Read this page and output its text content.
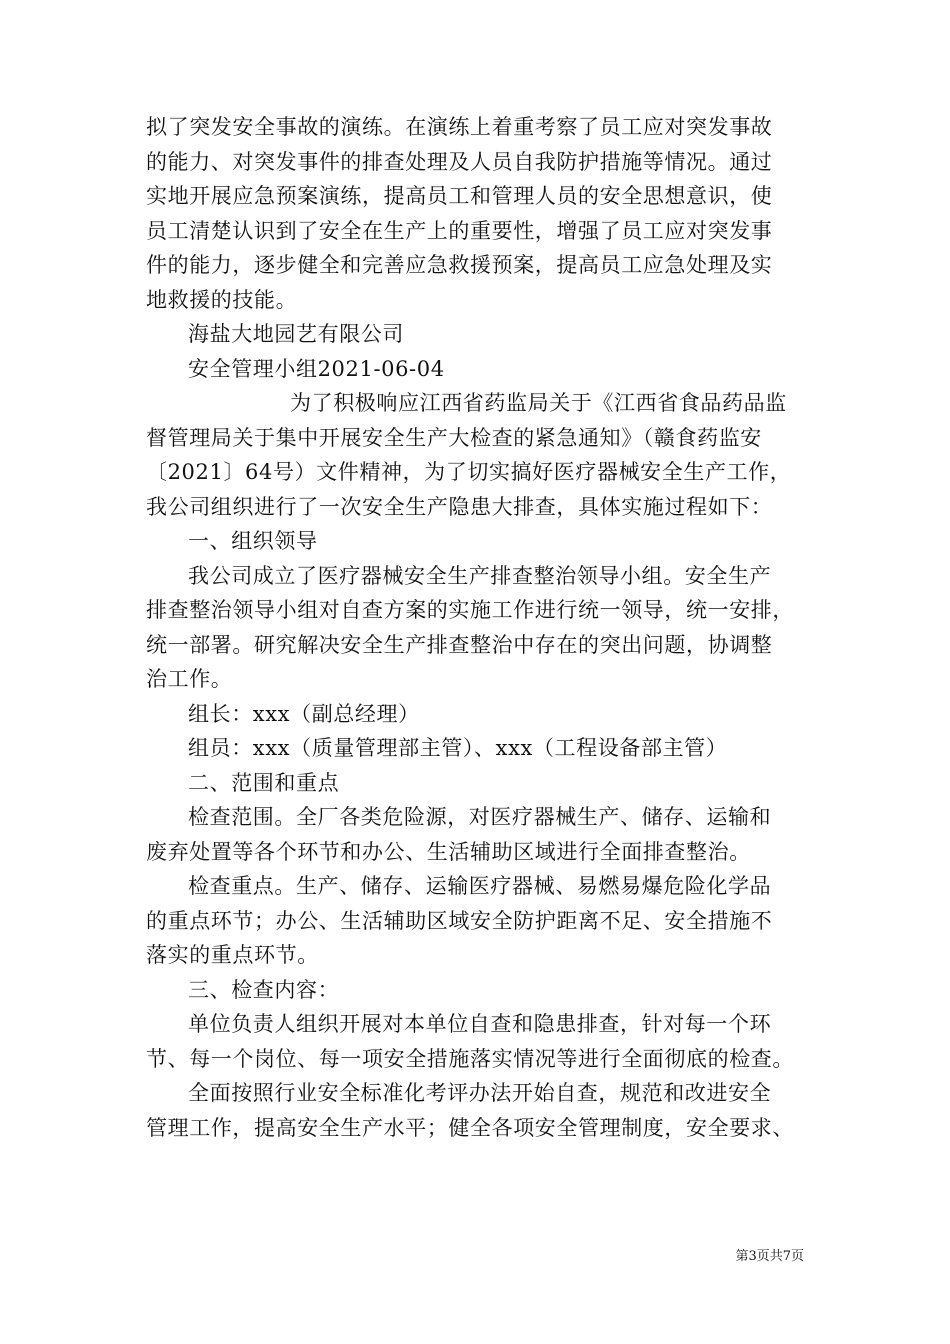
拟了突发安全事故的演练。在演练上着重考察了员工应对突发事故
的能力、对突发事件的排查处理及人员自我防护措施等情况。通过
实地开展应急预案演练，提高员工和管理人员的安全思想意识，使
员工清楚认识到了安全在生产上的重要性，增强了员工应对突发事
件的能力，逐步健全和完善应急救援预案，提高员工应急处理及实
地救援的技能。
海盐大地园艺有限公司
安全管理小组2021-06-04
为了积极响应江西省药监局关于《江西省食品药品监
督管理局关于集中开展安全生产大检查的紧急通知》（赣食药监安
〔2021〕64号）文件精神，为了切实搞好医疗器械安全生产工作，
我公司组织进行了一次安全生产隐患大排查，具体实施过程如下：
一、组织领导
我公司成立了医疗器械安全生产排查整治领导小组。安全生产
排查整治领导小组对自查方案的实施工作进行统一领导，统一安排，
统一部署。研究解决安全生产排查整治中存在的突出问题，协调整
治工作。
组长：xxx（副总经理）
组员：xxx（质量管理部主管）、xxx（工程设备部主管）
二、范围和重点
检查范围。全厂各类危险源，对医疗器械生产、储存、运输和
废弃处置等各个环节和办公、生活辅助区域进行全面排查整治。
检查重点。生产、储存、运输医疗器械、易燃易爆危险化学品
的重点环节；办公、生活辅助区域安全防护距离不足、安全措施不
落实的重点环节。
三、检查内容：
单位负责人组织开展对本单位自查和隐患排查，针对每一个环
节、每一个岗位、每一项安全措施落实情况等进行全面彻底的检查。
全面按照行业安全标准化考评办法开始自查，规范和改进安全
管理工作，提高安全生产水平；健全各项安全管理制度，安全要求、
第3页共7页
